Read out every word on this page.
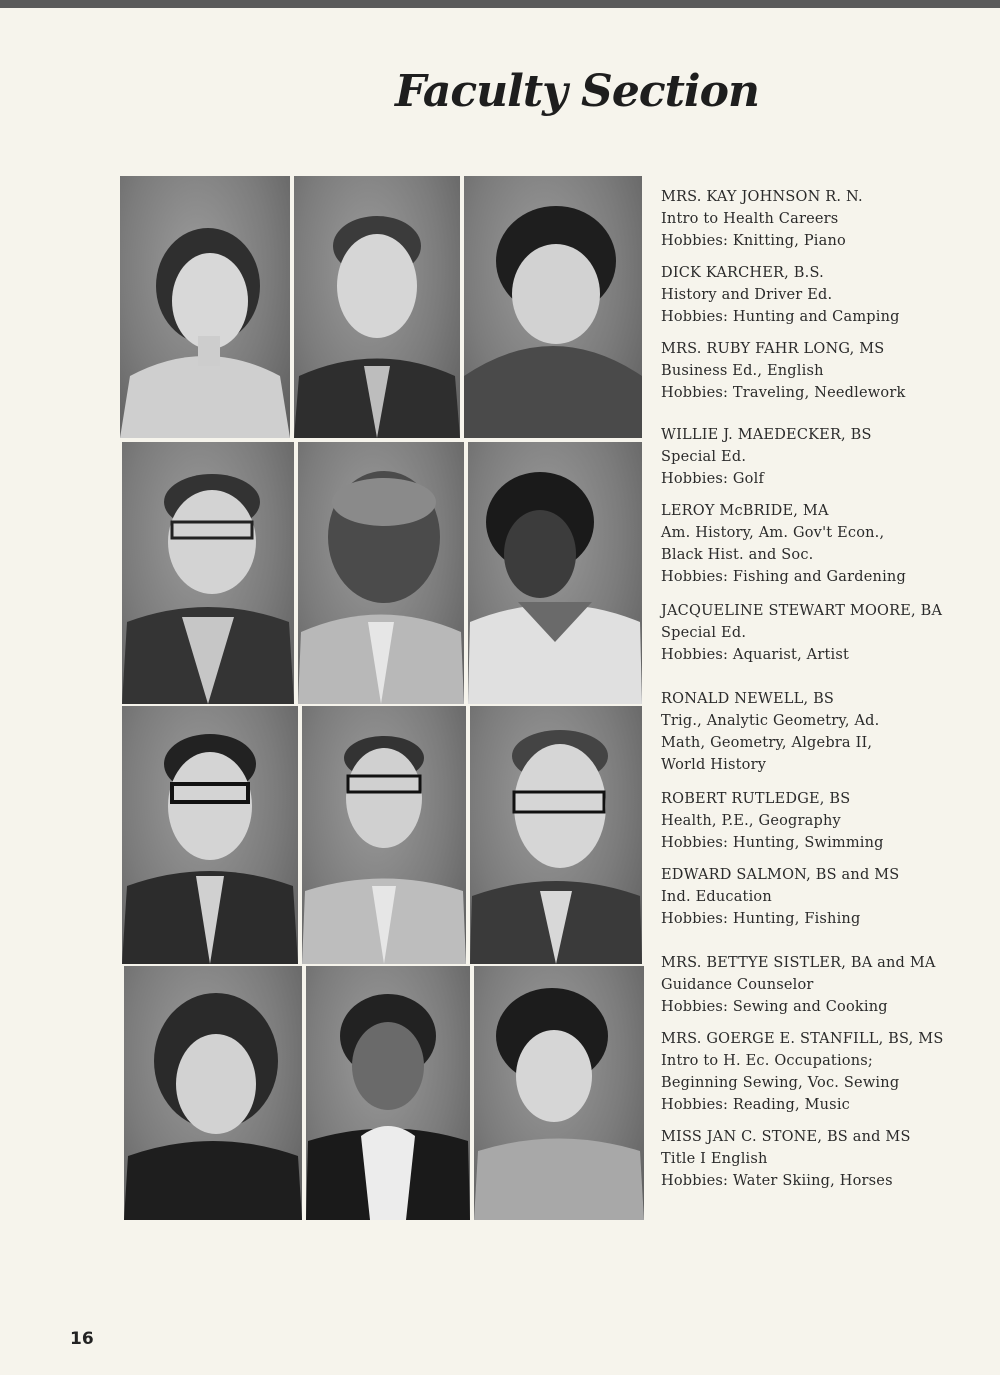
Faculty Section
MRS. KAY JOHNSON R. N.
Intro to Health Careers
Hobbies: Knitting, Piano
DICK KARCHER, B.S.
History and Driver Ed.
Hobbies: Hunting and Camping
MRS. RUBY FAHR LONG, MS
Business Ed., English
Hobbies: Traveling, Needlework
WILLIE J. MAEDECKER, BS
Special Ed.
Hobbies: Golf
LEROY McBRIDE, MA
Am. History, Am. Gov't Econ.,
Black Hist. and Soc.
Hobbies: Fishing and Gardening
JACQUELINE STEWART MOORE, BA
Special Ed.
Hobbies: Aquarist, Artist
RONALD NEWELL, BS
Trig., Analytic Geometry, Ad.
Math, Geometry, Algebra II,
World History
ROBERT RUTLEDGE, BS
Health, P.E., Geography
Hobbies: Hunting, Swimming
EDWARD SALMON, BS and MS
Ind. Education
Hobbies: Hunting, Fishing
MRS. BETTYE SISTLER, BA and MA
Guidance Counselor
Hobbies: Sewing and Cooking
MRS. GOERGE E. STANFILL, BS, MS
Intro to H. Ec. Occupations;
Beginning Sewing, Voc. Sewing
Hobbies: Reading, Music
MISS JAN C. STONE, BS and MS
Title I English
Hobbies: Water Skiing, Horses
16
